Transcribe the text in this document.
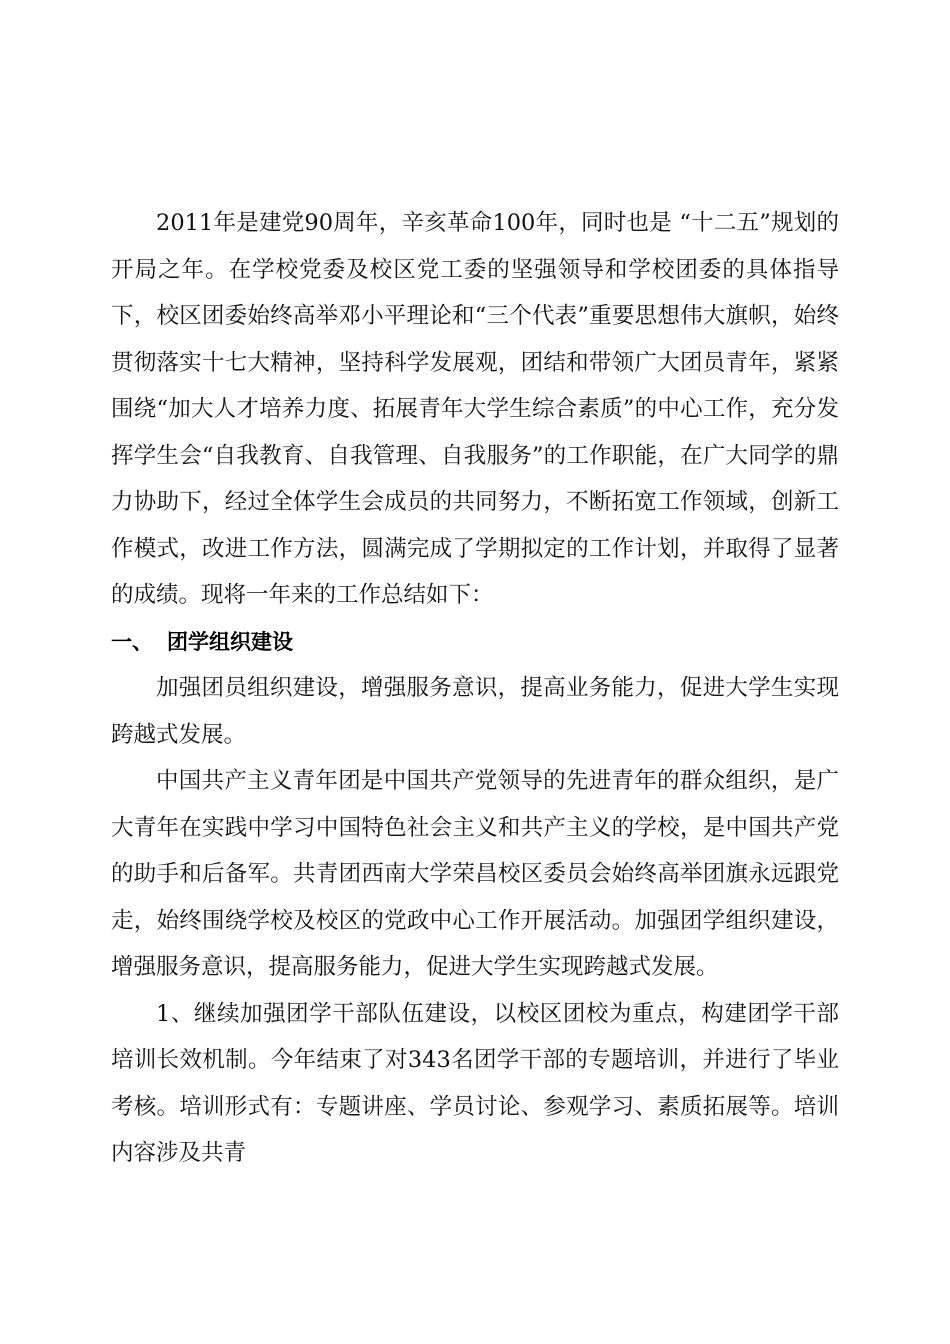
2011年是建党90周年，辛亥革命100年，同时也是 “十二五”规划的开局之年。在学校党委及校区党工委的坚强领导和学校团委的具体指导下，校区团委始终高举邓小平理论和“三个代表”重要思想伟大旗帜，始终贯彻落实十七大精神，坚持科学发展观，团结和带领广大团员青年，紧紧围绕“加大人才培养力度、拓展青年大学生综合素质”的中心工作，充分发挥学生会“自我教育、自我管理、自我服务”的工作职能，在广大同学的鼎力协助下，经过全体学生会成员的共同努力，不断拓宽工作领域，创新工作模式，改进工作方法，圆满完成了学期拟定的工作计划，并取得了显著的成绩。现将一年来的工作总结如下：

一、 团学组织建设

加强团员组织建设，增强服务意识，提高业务能力，促进大学生实现跨越式发展。

中国共产主义青年团是中国共产党领导的先进青年的群众组织，是广大青年在实践中学习中国特色社会主义和共产主义的学校，是中国共产党的助手和后备军。共青团西南大学荣昌校区委员会始终高举团旗永远跟党走，始终围绕学校及校区的党政中心工作开展活动。加强团学组织建设，增强服务意识，提高服务能力，促进大学生实现跨越式发展。

1、继续加强团学干部队伍建设，以校区团校为重点，构建团学干部培训长效机制。今年结束了对343名团学干部的专题培训，并进行了毕业考核。培训形式有：专题讲座、学员讨论、参观学习、素质拓展等。培训内容涉及共青
